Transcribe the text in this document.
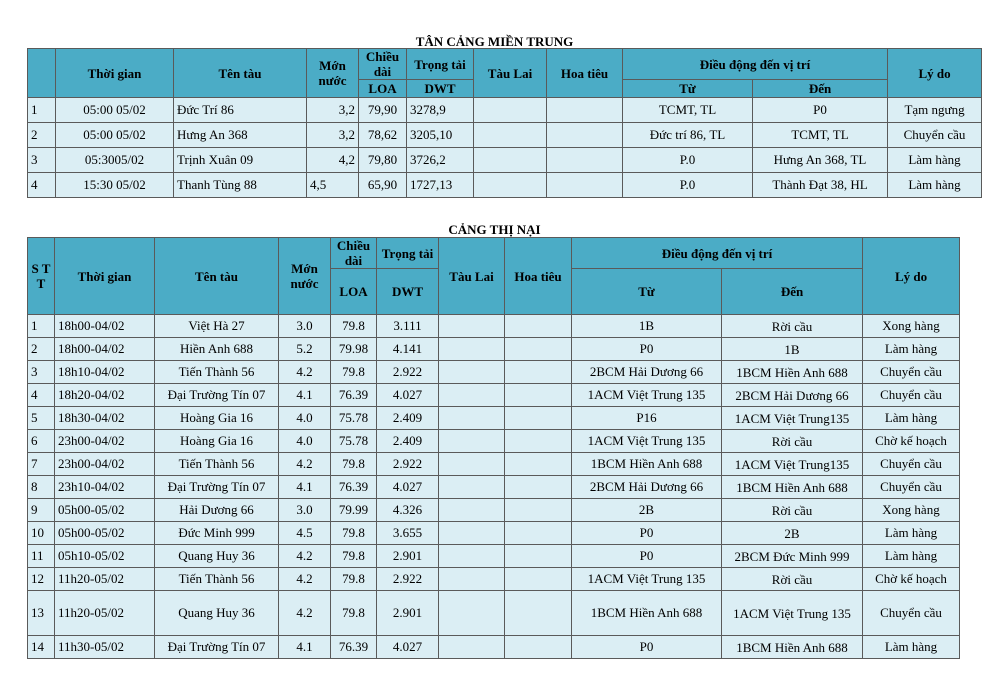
TÂN CẢNG MIỀN TRUNG
	Thời gian	Tên tàu	Mớn nước	Chiều dài	Trọng tải	Tàu Lai	Hoa tiêu	Điều động đến vị trí		Lý do
				LOA	DWT			Từ	Đến	
1	05:00 05/02	Đức Trí 86	3,2	79,90	3278,9			TCMT, TL	P0	Tạm ngưng
2	05:00 05/02	Hưng An 368	3,2	78,62	3205,10			Đức trí 86, TL	TCMT, TL	Chuyển cầu
3	05:3005/02	Trịnh Xuân 09	4,2	79,80	3726,2			P.0	Hưng An 368, TL	Làm hàng
4	15:30 05/02	Thanh Tùng 88	4,5	65,90	1727,13			P.0	Thành Đạt 38, HL	Làm hàng
CẢNG THỊ NẠI
S T T	Thời gian	Tên tàu	Mớn nước	Chiều dài	Trọng tải	Tàu Lai	Hoa tiêu	Điều động đến vị trí		Lý do
				LOA	DWT			Từ	Đến	
1	18h00-04/02	Việt Hà 27	3.0	79.8	3.111			1B	Rời cầu	Xong hàng
2	18h00-04/02	Hiền Anh 688	5.2	79.98	4.141			P0	1B	Làm hàng
3	18h10-04/02	Tiến Thành 56	4.2	79.8	2.922			2BCM Hải Dương 66	1BCM Hiền Anh 688	Chuyển cầu
4	18h20-04/02	Đại Trường Tín 07	4.1	76.39	4.027			1ACM Việt Trung 135	2BCM Hải Dương 66	Chuyển cầu
5	18h30-04/02	Hoàng Gia 16	4.0	75.78	2.409			P16	1ACM Việt Trung135	Làm hàng
6	23h00-04/02	Hoàng Gia 16	4.0	75.78	2.409			1ACM Việt Trung 135	Rời cầu	Chờ kế hoạch
7	23h00-04/02	Tiến Thành 56	4.2	79.8	2.922			1BCM Hiền Anh 688	1ACM Việt Trung135	Chuyển cầu
8	23h10-04/02	Đại Trường Tín 07	4.1	76.39	4.027			2BCM Hải Dương 66	1BCM Hiền Anh 688	Chuyển cầu
9	05h00-05/02	Hải Dương 66	3.0	79.99	4.326			2B	Rời cầu	Xong hàng
10	05h00-05/02	Đức Minh 999	4.5	79.8	3.655			P0	2B	Làm hàng
11	05h10-05/02	Quang Huy 36	4.2	79.8	2.901			P0	2BCM Đức Minh 999	Làm hàng
12	11h20-05/02	Tiến Thành 56	4.2	79.8	2.922			1ACM Việt Trung 135	Rời cầu	Chờ kế hoạch
13	11h20-05/02	Quang Huy 36	4.2	79.8	2.901			1BCM Hiền Anh 688	1ACM Việt Trung 135	Chuyển cầu
14	11h30-05/02	Đại Trường Tín 07	4.1	76.39	4.027			P0	1BCM Hiền Anh 688	Làm hàng
